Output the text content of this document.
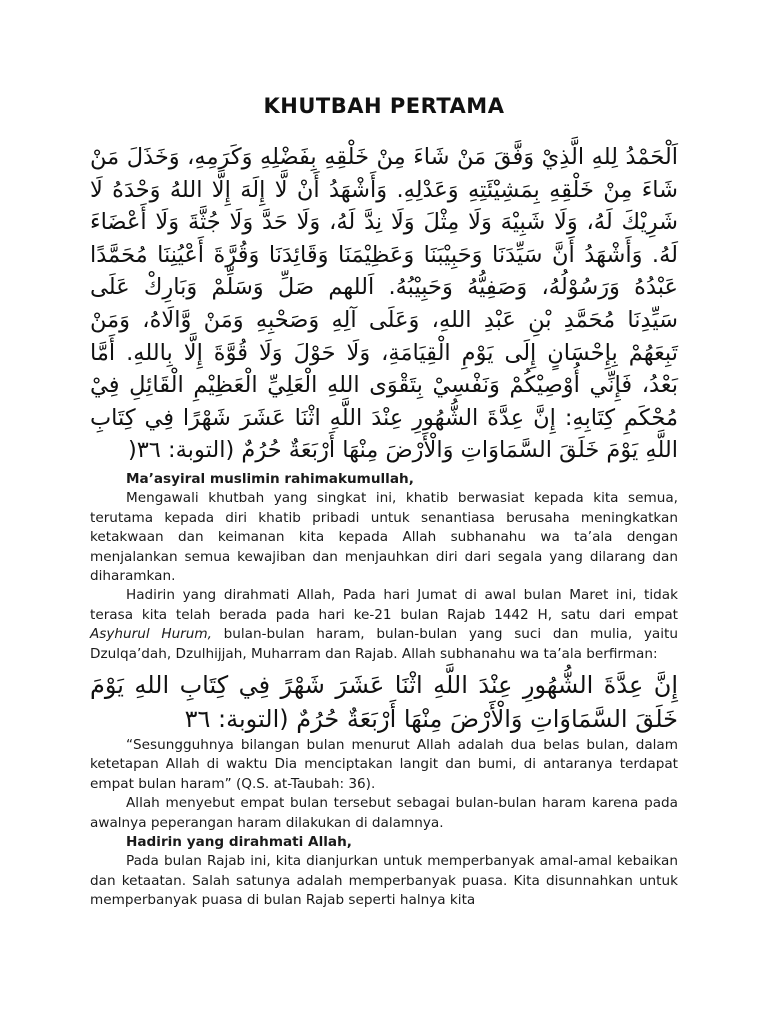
KHUTBAH PERTAMA

اَلْحَمْدُ لِلهِ الَّذِيْ وَفَّقَ مَنْ شَاءَ مِنْ خَلْقِهِ بِفَضْلِهِ وَكَرَمِهِ، وَخَذَلَ مَنْ شَاءَ مِنْ خَلْقِهِ بِمَشِيْئَتِهِ وَعَدْلِهِ. وَأَشْهَدُ أَنْ لَّا إِلَهَ إِلَّا اللهُ وَحْدَهُ لَا شَرِيْكَ لَهُ، وَلَا شَبِيْهَ وَلَا مِثْلَ وَلَا نِدَّ لَهُ، وَلَا حَدَّ وَلَا جُثَّةَ وَلَا أَعْضَاءَ لَهُ. وَأَشْهَدُ أَنَّ سَيِّدَنَا وَحَبِيْبَنَا وَعَظِيْمَنَا وَقَائِدَنَا وَقُرَّةَ أَعْيُنِنَا مُحَمَّدًا عَبْدُهُ وَرَسُوْلُهُ، وَصَفِيُّهُ وَحَبِيْبُهُ. اَللهم صَلِّ وَسَلِّمْ وَبَارِكْ عَلَى سَيِّدِنَا مُحَمَّدِ بْنِ عَبْدِ اللهِ، وَعَلَى آلِهِ وَصَحْبِهِ وَمَنْ وَّالَاهُ، وَمَنْ تَبِعَهُمْ بِإِحْسَانٍ إِلَى يَوْمِ الْقِيَامَةِ، وَلَا حَوْلَ وَلَا قُوَّةَ إِلَّا بِاللهِ. أَمَّا بَعْدُ، فَإِنِّي أُوْصِيْكُمْ وَنَفْسِيْ بِتَقْوَى اللهِ الْعَلِيِّ الْعَظِيْمِ الْقَائِلِ فِيْ مُحْكَمِ كِتَابِهِ: إِنَّ عِدَّةَ الشُّهُورِ عِنْدَ اللَّهِ اثْنَا عَشَرَ شَهْرًا فِي كِتَابِ اللَّهِ يَوْمَ خَلَقَ السَّمَاوَاتِ وَالْأَرْضَ مِنْهَا أَرْبَعَةٌ حُرُمٌ (التوبة: ٣٦(

Ma’asyiral muslimin rahimakumullah,

Mengawali khutbah yang singkat ini, khatib berwasiat kepada kita semua, terutama kepada diri khatib pribadi untuk senantiasa berusaha meningkatkan ketakwaan dan keimanan kita kepada Allah subhanahu wa ta’ala dengan menjalankan semua kewajiban dan menjauhkan diri dari segala yang dilarang dan diharamkan.

Hadirin yang dirahmati Allah, Pada hari Jumat di awal bulan Maret ini, tidak terasa kita telah berada pada hari ke-21 bulan Rajab 1442 H, satu dari empat Asyhurul Hurum, bulan-bulan haram, bulan-bulan yang suci dan mulia, yaitu Dzulqa’dah, Dzulhijjah, Muharram dan Rajab. Allah subhanahu wa ta’ala berfirman:

إِنَّ عِدَّةَ الشُّهُورِ عِنْدَ اللَّهِ اثْنَا عَشَرَ شَهْرً فِي كِتَابِ اللهِ يَوْمَ خَلَقَ السَّمَاوَاتِ وَالْأَرْضَ مِنْهَا أَرْبَعَةٌ حُرُمٌ (التوبة: ٣٦

“Sesungguhnya bilangan bulan menurut Allah adalah dua belas bulan, dalam ketetapan Allah di waktu Dia menciptakan langit dan bumi, di antaranya terdapat empat bulan haram” (Q.S. at-Taubah: 36).

Allah menyebut empat bulan tersebut sebagai bulan-bulan haram karena pada awalnya peperangan haram dilakukan di dalamnya.

Hadirin yang dirahmati Allah,

Pada bulan Rajab ini, kita dianjurkan untuk memperbanyak amal-amal kebaikan dan ketaatan. Salah satunya adalah memperbanyak puasa. Kita disunnahkan untuk memperbanyak puasa di bulan Rajab seperti halnya kita
